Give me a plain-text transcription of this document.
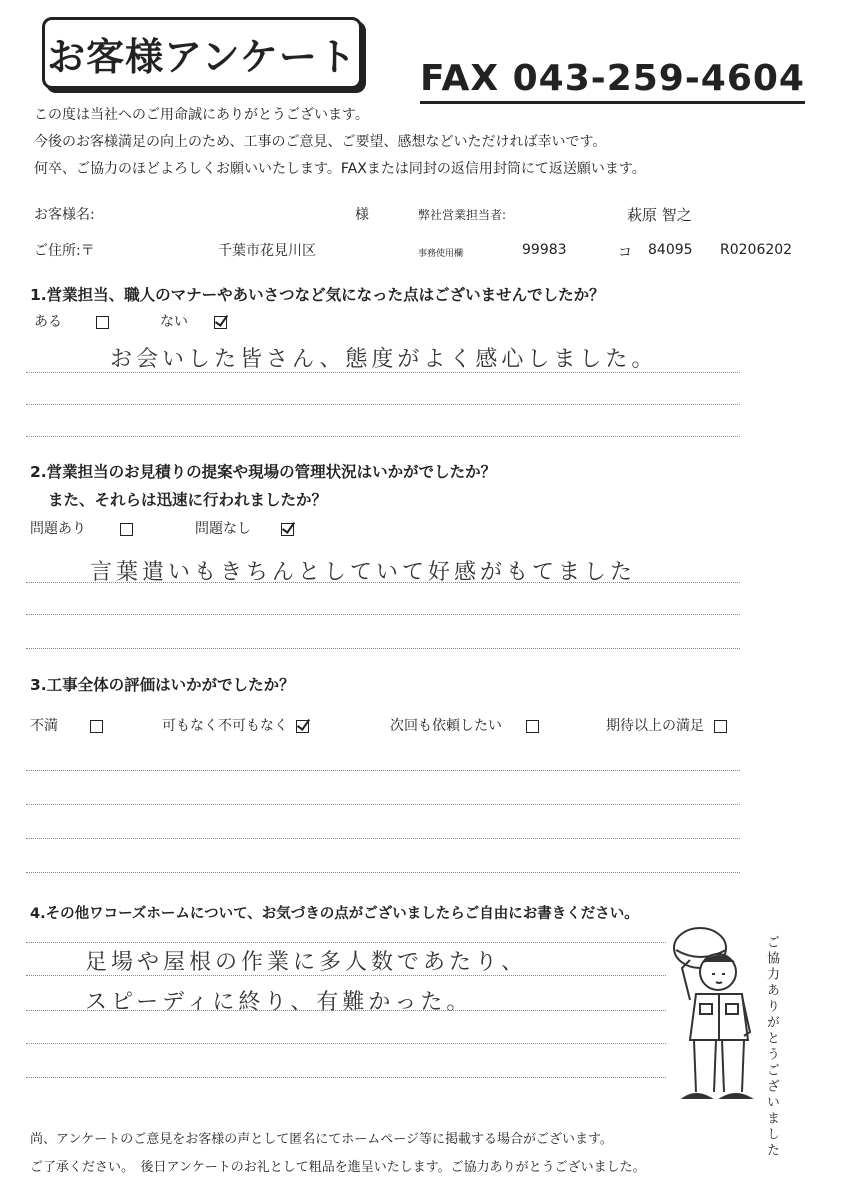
お客様アンケート FAX 043-259-4604
この度は当社へのご用命誠にありがとうございます。
今後のお客様満足の向上のため、工事のご意見、ご要望、感想などいただければ幸いです。
何卒、ご協力のほどよろしくお願いいたします。FAXまたは同封の返信用封筒にて返送願います。
お客様名:	様	弊社営業担当者:	萩原 智之
ご住所:〒	千葉市花見川区	事務使用欄	99983	コ 84095 R0206202
1.営業担当、職人のマナーやあいさつなど気になった点はございませんでしたか？
ある	ない
お会いした皆さん、態度がよく感心しました。
2.営業担当のお見積りの提案や現場の管理状況はいかがでしたか？
また、それらは迅速に行われましたか？
問題あり	問題なし
言葉遣いもきちんとしていて好感がもてました
3.工事全体の評価はいかがでしたか？
不満	可もなく不可もなく	次回も依頼したい	期待以上の満足
4.その他ワコーズホームについて、お気づきの点がございましたらご自由にお書きください。
足場や屋根の作業に多人数であたり、
スピーディに終り、有難かった。	ご協力ありがとうございました
尚、アンケートのご意見をお客様の声として匿名にてホームページ等に掲載する場合がございます。
ご了承ください。　後日アンケートのお礼として粗品を進呈いたします。ご協力ありがとうございました。
